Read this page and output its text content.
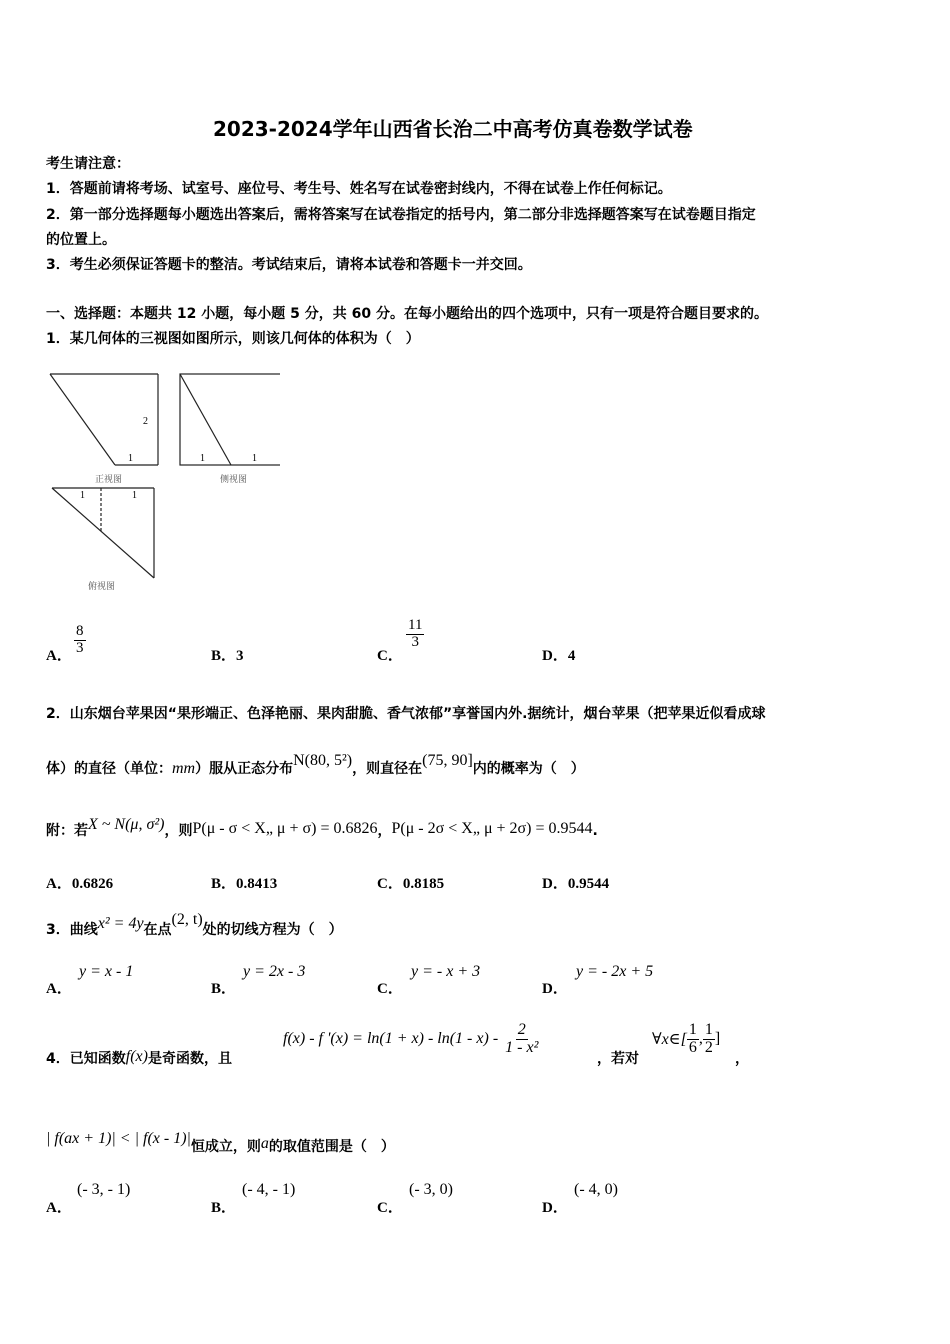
2023-2024学年山西省长治二中高考仿真卷数学试卷
考生请注意：
1．答题前请将考场、试室号、座位号、考生号、姓名写在试卷密封线内，不得在试卷上作任何标记。
2．第一部分选择题每小题选出答案后，需将答案写在试卷指定的括号内，第二部分非选择题答案写在试卷题目指定
的位置上。
3．考生必须保证答题卡的整洁。考试结束后，请将本试卷和答题卡一并交回。
一、选择题：本题共 12 小题，每小题 5 分，共 60 分。在每小题给出的四个选项中，只有一项是符合题目要求的。
1．某几何体的三视图如图所示，则该几何体的体积为（　）
2
1
正视图
1	1
侧视图
1	1
俯视图
A． $\frac{8}{3}$	B．3	C．
$\frac{11}{3}$
D．4
2．山东烟台苹果因“果形端正、色泽艳丽、果肉甜脆、香气浓郁”享誉国内外.据统计，烟台苹果（把苹果近似看成球
体）的直径（单位：mm）服从正态分布N(80, 5²)，则直径在(75, 90]内的概率为（　）
附：若X ~ N(μ, σ²)，则P(μ - σ < X„ μ + σ) = 0.6826，P(μ - 2σ < X„ μ + 2σ) = 0.9544.
A．0.6826	B．0.8413	C．0.8185	D．0.9544
3．曲线x² = 4y在点(2, t)处的切线方程为（　）
A．
y = x - 1
B．
y = 2x - 3
C．
y = - x + 3
D．
y = - 2x + 5
4．已知函数f(x)是奇函数，且
f(x) - f '$(x) = \ln(1 + x) - \ln(1 - x) - \frac{2}{\text{1 - x²}}$
，若对
∀x∈[ $\frac{1}{6}$ , $\frac{1}{2}$ ]
，
| f(ax + 1)| < | f(x - 1)|恒成立，则a的取值范围是（　）
A．
(- 3, - 1)
B．
(- 4, - 1)
C．
(- 3, 0)
D．
(- 4, 0)
